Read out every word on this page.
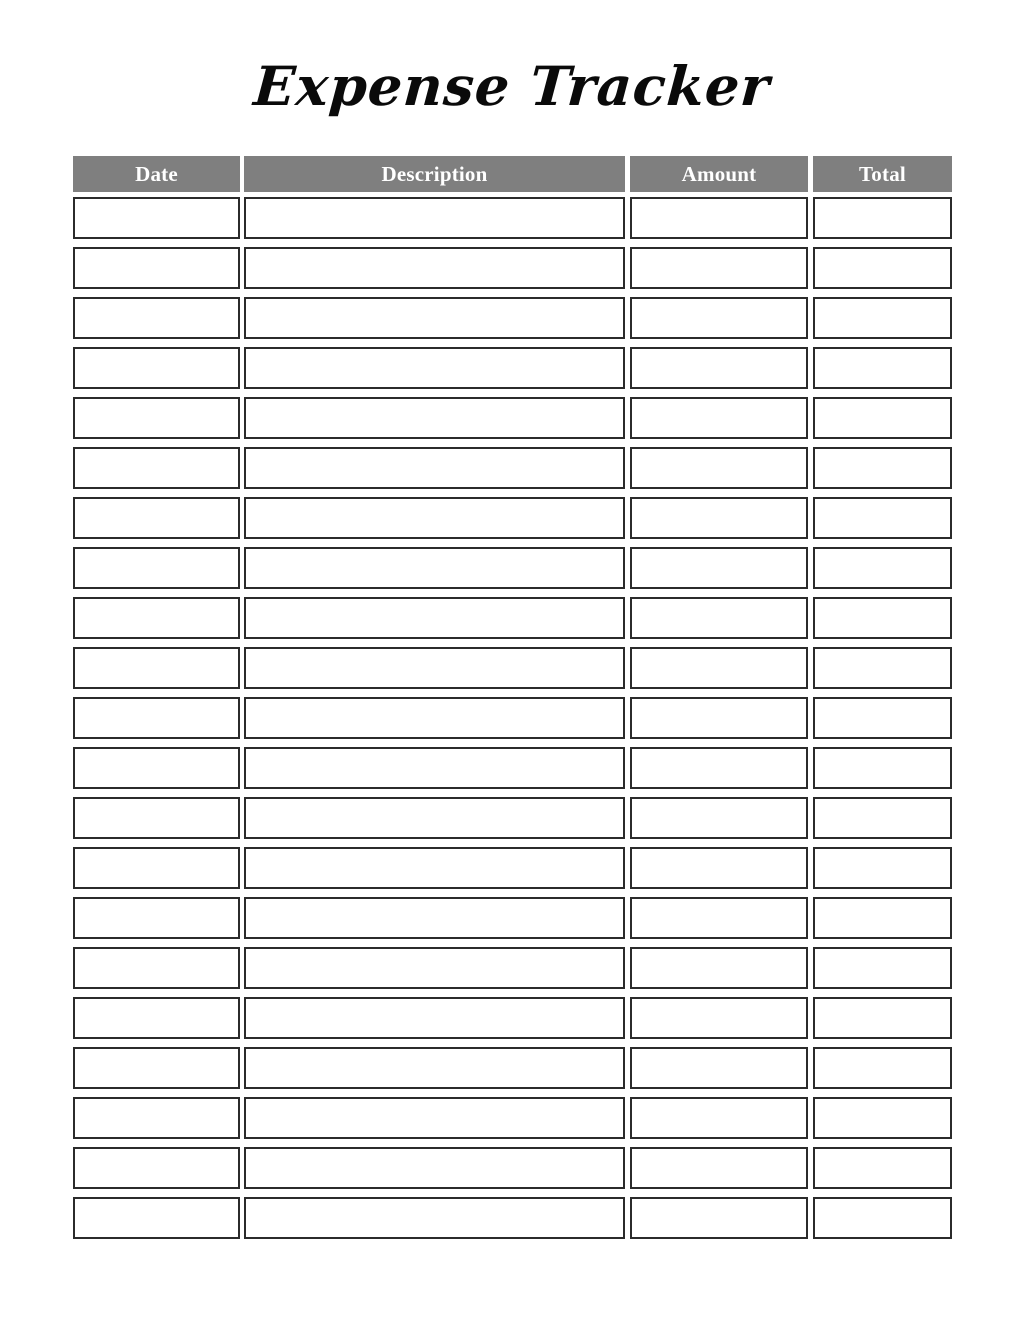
Expense Tracker
Date	Description	Amount	Total
